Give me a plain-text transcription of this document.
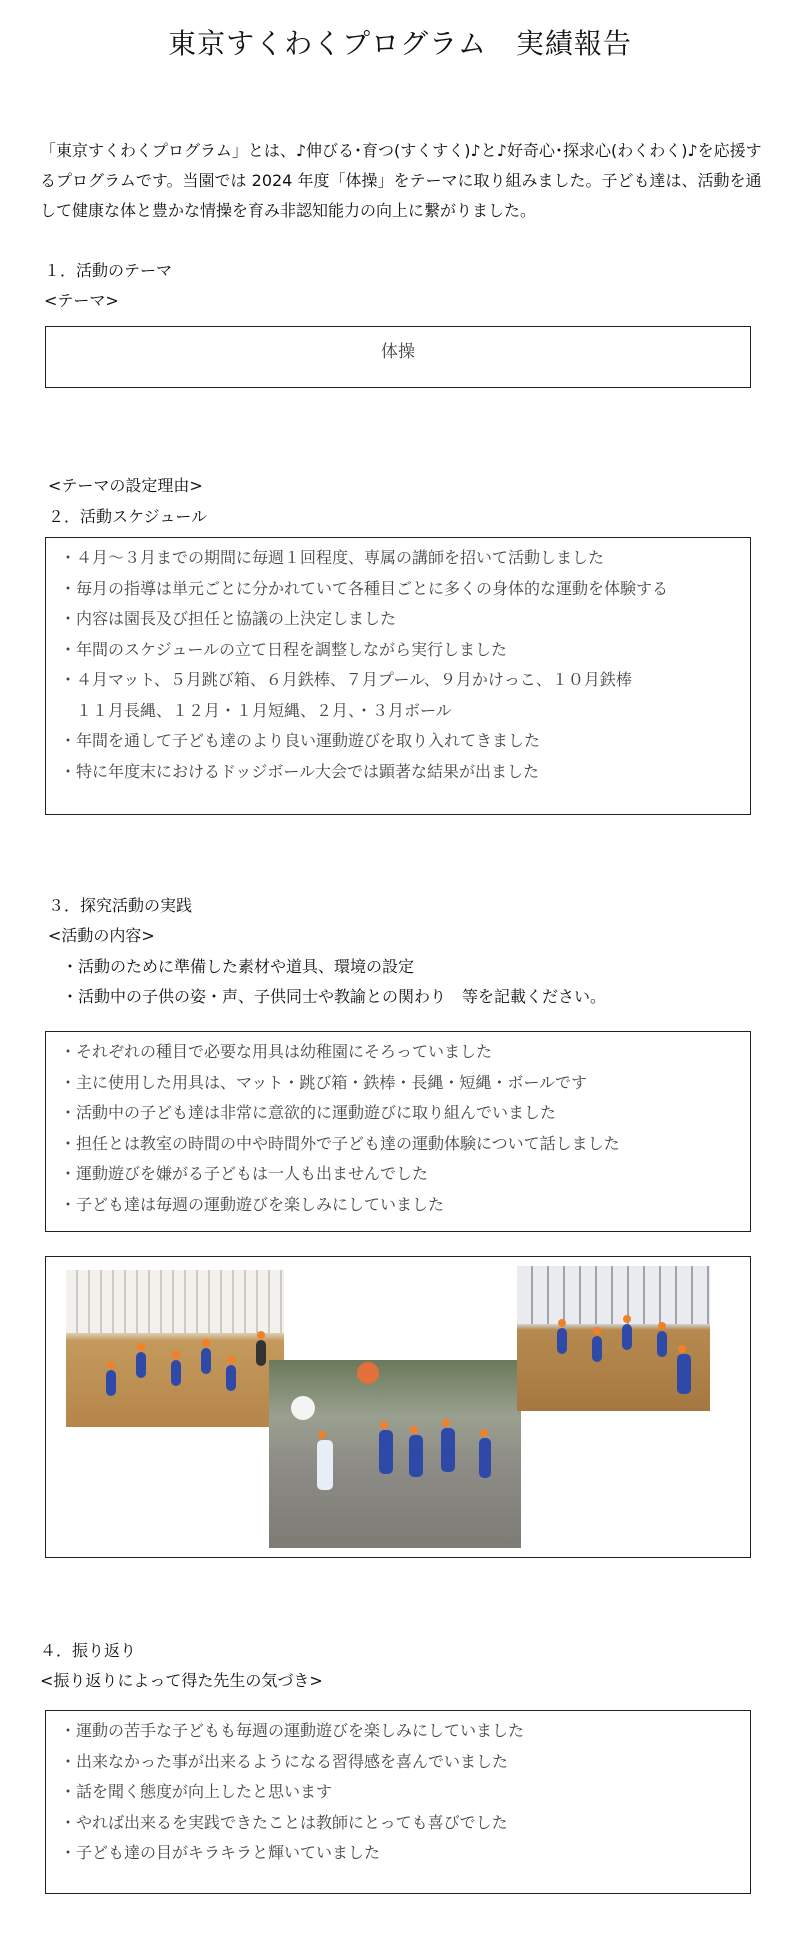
東京すくわくプログラム　実績報告
「東京すくわくプログラム」とは、♪伸びる･育つ(すくすく)♪と♪好奇心･探求心(わくわく)♪を応援するプログラムです。当園では 2024 年度「体操」をテーマに取り組みました。子ども達は、活動を通して健康な体と豊かな情操を育み非認知能力の向上に繋がりました。
１．活動のテーマ
<テーマ>
体操
<テーマの設定理由>
２．活動スケジュール
・４月～３月までの期間に毎週１回程度、専属の講師を招いて活動しました
・毎月の指導は単元ごとに分かれていて各種目ごとに多くの身体的な運動を体験する
・内容は園長及び担任と協議の上決定しました
・年間のスケジュールの立て日程を調整しながら実行しました
・４月マット、５月跳び箱、６月鉄棒、７月プール、９月かけっこ、１０月鉄棒
　１１月長縄、１２月・１月短縄、２月、・３月ボール
・年間を通して子ども達のより良い運動遊びを取り入れてきました
・特に年度末におけるドッジボール大会では顕著な結果が出ました
３．探究活動の実践
<活動の内容>
・活動のために準備した素材や道具、環境の設定
・活動中の子供の姿・声、子供同士や教諭との関わり　等を記載ください。
・それぞれの種目で必要な用具は幼稚園にそろっていました
・主に使用した用具は、マット・跳び箱・鉄棒・長縄・短縄・ボールです
・活動中の子ども達は非常に意欲的に運動遊びに取り組んでいました
・担任とは教室の時間の中や時間外で子ども達の運動体験について話しました
・運動遊びを嫌がる子どもは一人も出ませんでした
・子ども達は毎週の運動遊びを楽しみにしていました
４．振り返り
<振り返りによって得た先生の気づき>
・運動の苦手な子どもも毎週の運動遊びを楽しみにしていました
・出来なかった事が出来るようになる習得感を喜んでいました
・話を聞く態度が向上したと思います
・やれば出来るを実践できたことは教師にとっても喜びでした
・子ども達の目がキラキラと輝いていました
